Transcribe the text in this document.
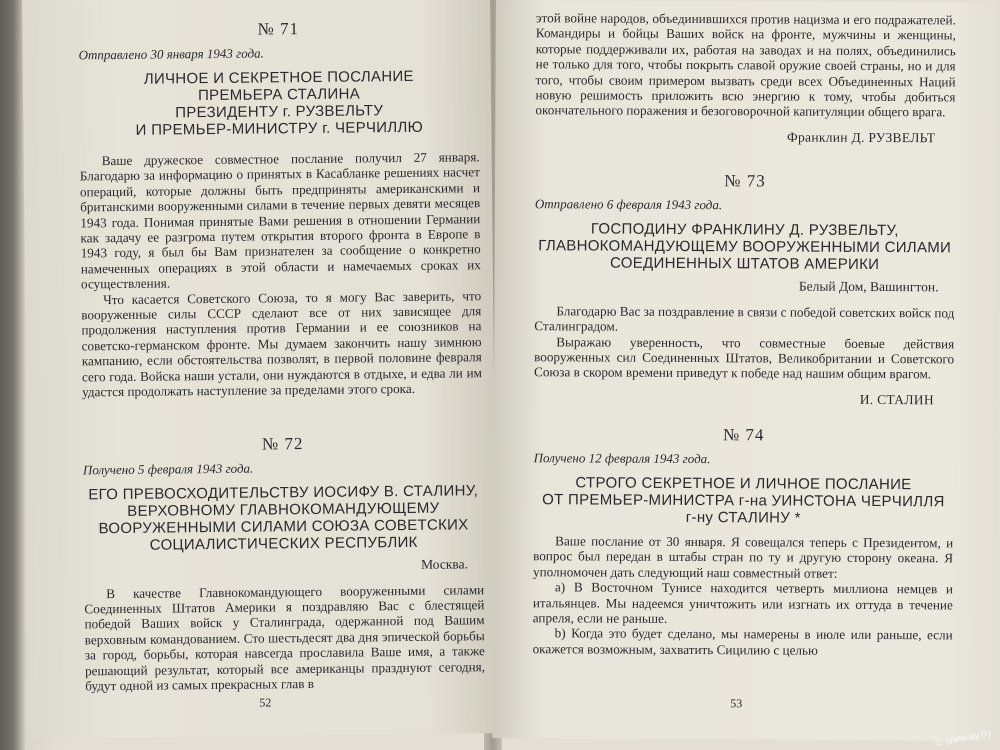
№ 71
Отправлено 30 января 1943 года.
ЛИЧНОЕ И СЕКРЕТНОЕ ПОСЛАНИЕ
ПРЕМЬЕРА СТАЛИНА
ПРЕЗИДЕНТУ г. РУЗВЕЛЬТУ
И ПРЕМЬЕР-МИНИСТРУ г. ЧЕРЧИЛЛЮ

Ваше дружеское совместное послание получил 27 января. Благодарю за информацию о принятых в Касабланке решениях насчет операций, которые должны быть предприняты американскими и британскими вооруженными силами в течение первых девяти месяцев 1943 года. Понимая принятые Вами решения в отношении Германии как задачу ее разгрома путем открытия второго фронта в Европе в 1943 году, я был бы Вам признателен за сообщение о конкретно намеченных операциях в этой области и намечаемых сроках их осуществления.

Что касается Советского Союза, то я могу Вас заверить, что вооруженные силы СССР сделают все от них зависящее для продолжения наступления против Германии и ее союзников на советско-германском фронте. Мы думаем закончить нашу зимнюю кампанию, если обстоятельства позволят, в первой половине февраля сего года. Войска наши устали, они нуждаются в отдыхе, и едва ли им удастся продолжать наступление за пределами этого срока.

№ 72
Получено 5 февраля 1943 года.
ЕГО ПРЕВОСХОДИТЕЛЬСТВУ ИОСИФУ В. СТАЛИНУ,
ВЕРХОВНОМУ ГЛАВНОКОМАНДУЮЩЕМУ
ВООРУЖЕННЫМИ СИЛАМИ СОЮЗА СОВЕТСКИХ
СОЦИАЛИСТИЧЕСКИХ РЕСПУБЛИК
Москва.

В качестве Главнокомандующего вооруженными силами Соединенных Штатов Америки я поздравляю Вас с блестящей победой Ваших войск у Сталинграда, одержанной под Вашим верховным командованием. Сто шестьдесят два дня эпической борьбы за город, борьбы, которая навсегда прославила Ваше имя, а также решающий результат, который все американцы празднуют сегодня, будут одной из самых прекрасных глав в

52

этой войне народов, объединившихся против нацизма и его подражателей. Командиры и бойцы Ваших войск на фронте, мужчины и женщины, которые поддерживали их, работая на заводах и на полях, объединились не только для того, чтобы покрыть славой оружие своей страны, но и для того, чтобы своим примером вызвать среди всех Объединенных Наций новую решимость приложить всю энергию к тому, чтобы добиться окончательного поражения и безоговорочной капитуляции общего врага.

Франклин Д. РУЗВЕЛЬТ
№ 73
Отправлено 6 февраля 1943 года.
ГОСПОДИНУ ФРАНКЛИНУ Д. РУЗВЕЛЬТУ,
ГЛАВНОКОМАНДУЮЩЕМУ ВООРУЖЕННЫМИ СИЛАМИ
СОЕДИНЕННЫХ ШТАТОВ АМЕРИКИ
Белый Дом, Вашингтон.

Благодарю Вас за поздравление в связи с победой советских войск под Сталинградом.

Выражаю уверенность, что совместные боевые действия вооруженных сил Соединенных Штатов, Великобритании и Советского Союза в скором времени приведут к победе над нашим общим врагом.

И. СТАЛИН
№ 74
Получено 12 февраля 1943 года.
СТРОГО СЕКРЕТНОЕ И ЛИЧНОЕ ПОСЛАНИЕ
ОТ ПРЕМЬЕР-МИНИСТРА г-на УИНСТОНА ЧЕРЧИЛЛЯ
г-ну СТАЛИНУ *

Ваше послание от 30 января. Я совещался теперь с Президентом, и вопрос был передан в штабы стран по ту и другую сторону океана. Я уполномочен дать следующий наш совместный ответ:

а) В Восточном Тунисе находится четверть миллиона немцев и итальянцев. Мы надеемся уничтожить или изгнать их оттуда в течение апреля, если не раньше.

b) Когда это будет сделано, мы намерены в июле или раньше, если окажется возможным, захватить Сицилию с целью

53
© www.ay.by
